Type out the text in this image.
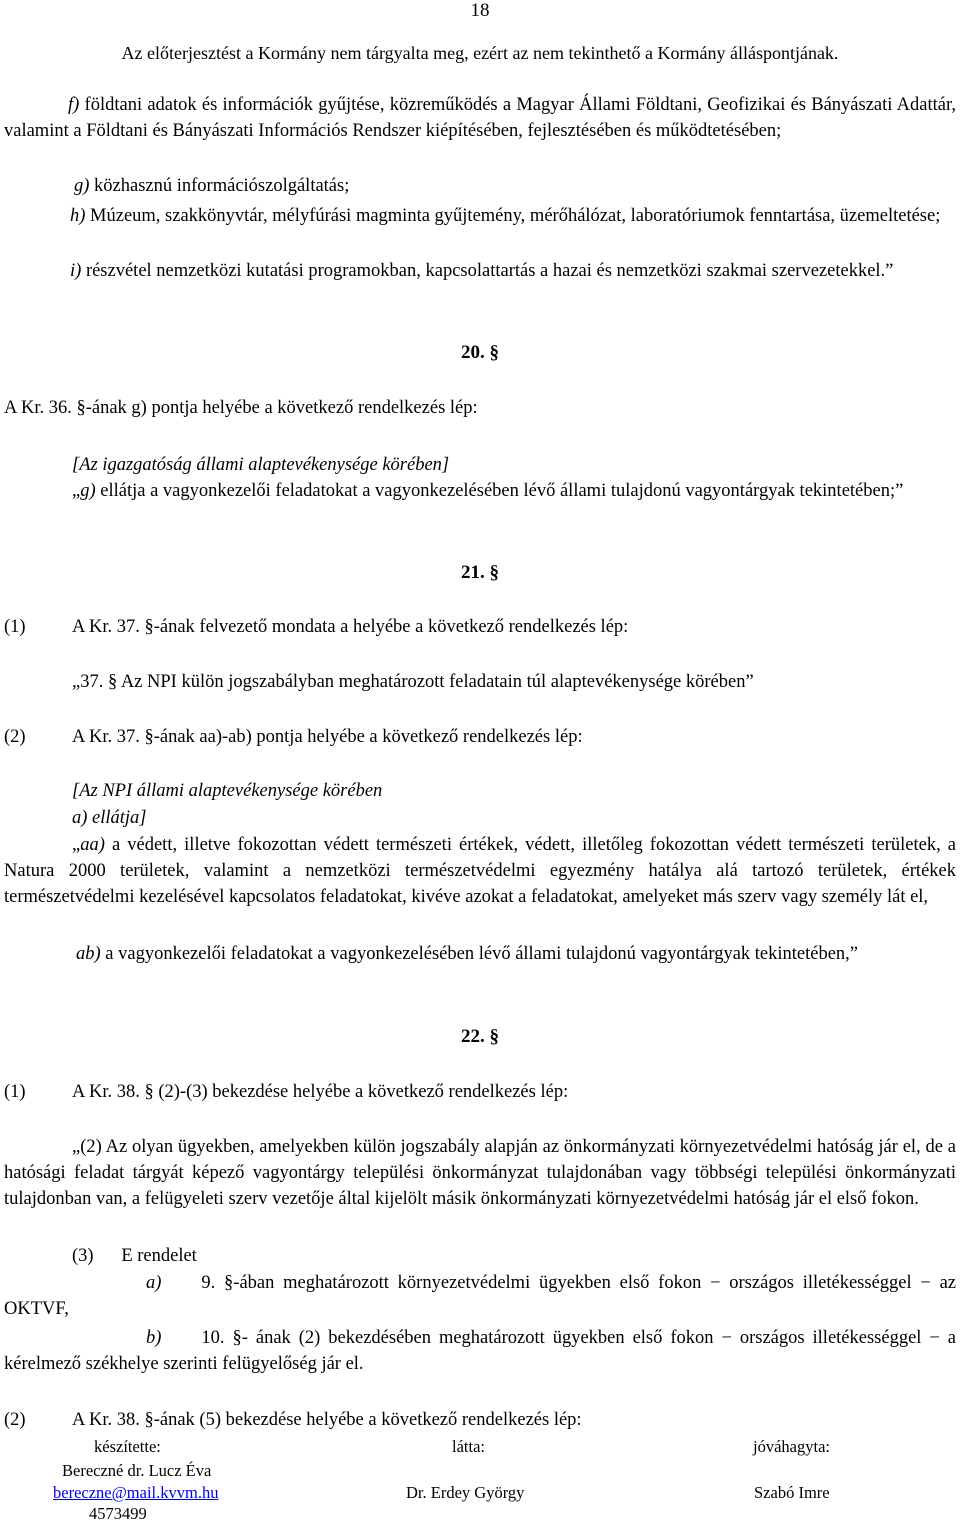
18
Az előterjesztést a Kormány nem tárgyalta meg, ezért az nem tekinthető a Kormány álláspontjának.
f) földtani adatok és információk gyűjtése, közreműködés a Magyar Állami Földtani, Geofizikai és Bányászati Adattár, valamint a Földtani és Bányászati Információs Rendszer kiépítésében, fejlesztésében és működtetésében;
g) közhasznú információszolgáltatás;
h) Múzeum, szakkönyvtár, mélyfúrási magminta gyűjtemény, mérőhálózat, laboratóriumok fenntartása, üzemeltetése;
i) részvétel nemzetközi kutatási programokban, kapcsolattartás a hazai és nemzetközi szakmai szervezetekkel.”
20. §
A Kr. 36. §-ának g) pontja helyébe a következő rendelkezés lép:
[Az igazgatóság állami alaptevékenysége körében]
„g) ellátja a vagyonkezelői feladatokat a vagyonkezelésében lévő állami tulajdonú vagyontárgyak tekintetében;”
21. §
(1)	A Kr. 37. §-ának felvezető mondata a helyébe a következő rendelkezés lép:
„37. § Az NPI külön jogszabályban meghatározott feladatain túl alaptevékenysége körében”
(2)	A Kr. 37. §-ának aa)-ab) pontja helyébe a következő rendelkezés lép:
[Az NPI állami alaptevékenysége körében
a) ellátja]
„aa) a védett, illetve fokozottan védett természeti értékek, védett, illetőleg fokozottan védett természeti területek, a Natura 2000 területek, valamint a nemzetközi természetvédelmi egyezmény hatálya alá tartozó területek, értékek természetvédelmi kezelésével kapcsolatos feladatokat, kivéve azokat a feladatokat, amelyeket más szerv vagy személy lát el,
ab) a vagyonkezelői feladatokat a vagyonkezelésében lévő állami tulajdonú vagyontárgyak tekintetében,”
22. §
(1)	A Kr. 38. § (2)-(3) bekezdése helyébe a következő rendelkezés lép:
„(2) Az olyan ügyekben, amelyekben külön jogszabály alapján az önkormányzati környezetvédelmi hatóság jár el, de a hatósági feladat tárgyát képező vagyontárgy települési önkormányzat tulajdonában vagy többségi települési önkormányzati tulajdonban van, a felügyeleti szerv vezetője által kijelölt másik önkormányzati környezetvédelmi hatóság jár el első fokon.
(3)      E rendelet
a) 9. §-ában meghatározott környezetvédelmi ügyekben első fokon − országos illetékességgel − az OKTVF,
b) 10. §- ának (2) bekezdésében meghatározott ügyekben első fokon − országos illetékességgel − a kérelmező székhelye szerinti felügyelőség jár el.
(2)	A Kr. 38. §-ának (5) bekezdése helyébe a következő rendelkezés lép:
készítette:
Bereczné dr. Lucz Éva
bereczne@mail.kvvm.hu
4573499
látta:
Dr. Erdey György
jóváhagyta:
Szabó Imre
